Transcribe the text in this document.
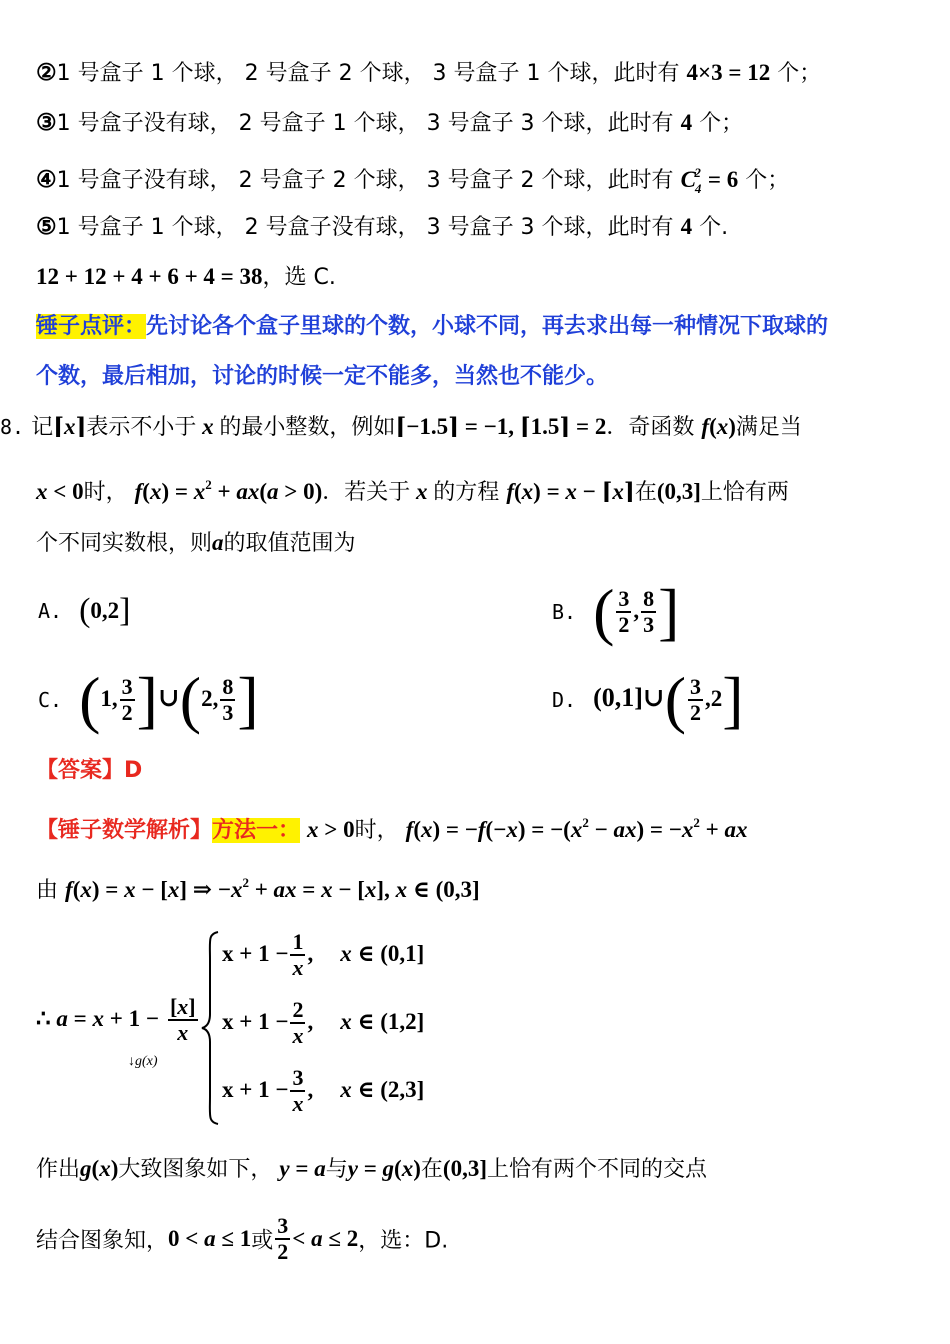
②1 号盒子 1 个球， 2 号盒子 2 个球， 3 号盒子 1 个球，此时有 4×3 = 12 个；
③1 号盒子没有球， 2 号盒子 1 个球， 3 号盒子 3 个球，此时有 4 个；
④1 号盒子没有球， 2 号盒子 2 个球， 3 号盒子 2 个球，此时有 $C_4^2 = 6$ 个；
⑤1 号盒子 1 个球， 2 号盒子没有球， 3 号盒子 3 个球，此时有 4 个.
12 + 12 + 4 + 6 + 4 = 38，选 C.
锤子点评：先讨论各个盒子里球的个数，小球不同，再去求出每一种情况下取球的
个数，最后相加，讨论的时候一定不能多，当然也不能少。
8. 记⌈x⌉表示不小于 x 的最小整数，例如⌈−1.5⌉ = −1, ⌈1.5⌉ = 2．奇函数 f(x)满足当
x < 0时， $f(x) = x^2 + ax(a > 0)$．若关于 x 的方程 f(x) = x − ⌈x⌉在(0,3]上恰有两
个不同实数根，则a的取值范围为
A. (0,2]	B. ( $\frac{3}{2}$ , $\frac{8}{3}$ ]
C. (1, $\frac{3}{2}$ ]∪(2, $\frac{8}{3}$ ]	D. (0,1]∪( $\frac{3}{2} ,2$]
【答案】D
【锤子数学解析】方法一： x > 0时， $f(x) = -f(-x) = -(x^2 - ax) = -x^2$ + ax
由 f(x) = x − [x] ⇒ $-x^2$ + ax = x − [x], x ∈ (0,3]
∴ $a = x + 1 - \frac{[x]}{x}$
↓g(x)
$x + 1 - \frac{1}{x}$ , x ∈ (0,1]
$x + 1 - \frac{2}{x}$ , x ∈ (1,2]
$x + 1 - \frac{3}{x}$ , x ∈ (2,3]
作出g(x)大致图象如下， y = a与y = g(x)在(0,3]上恰有两个不同的交点
结合图象知，0 < a ≤ 1或 $\frac{3}{2} < a \le 2$，选：D.
